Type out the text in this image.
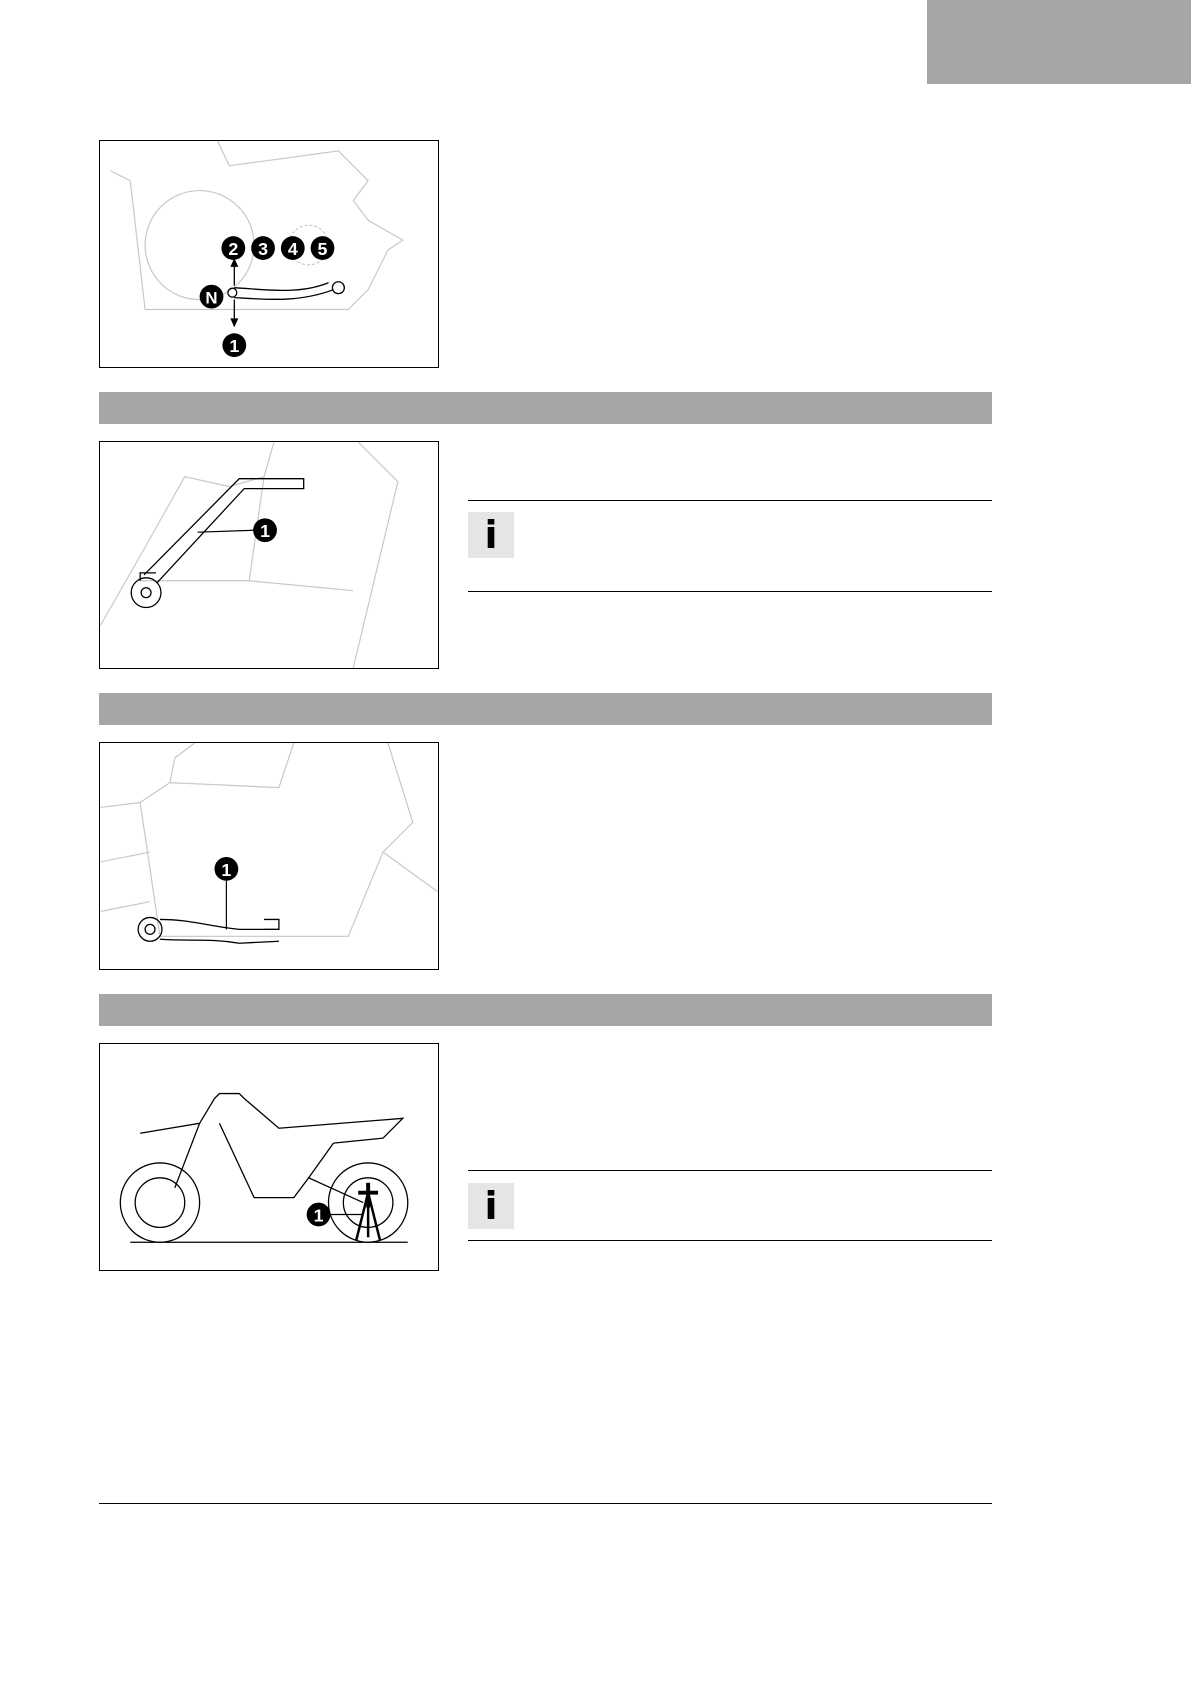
2 3 4 5
N
1
1	i
1
1	i
